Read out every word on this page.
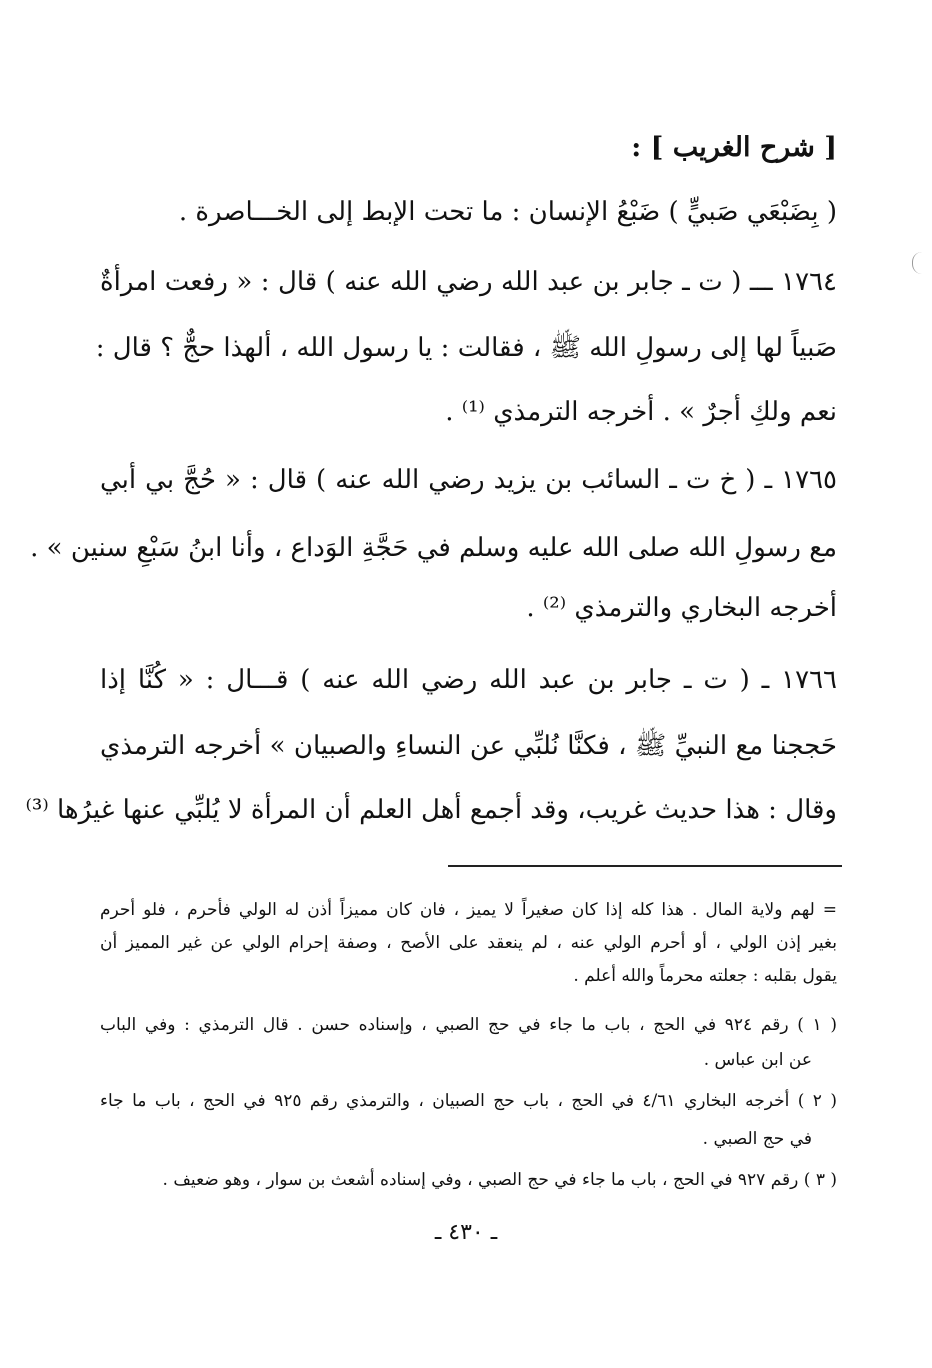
[ شرح الغريب ] :
( بِضَبْعَي صَبيٍّ ) ضَبْعُ الإنسان : ما تحت الإبط إلى الخـــاصرة .
١٧٦٤ ـــ ( ت ـ جابر بن عبد الله رضي الله عنه ) قال : « رفعت امرأةٌ
صَبياً لها إلى رسولِ الله ﷺ ، فقالت : يا رسول الله ، ألهذا حجٌّ ؟ قال :
نعم ولكِ أجرٌ » . أخرجه الترمذي ⁽¹⁾ .
١٧٦٥ ـ ( خ ت ـ السائب بن يزيد رضي الله عنه ) قال : « حُجَّ بي أبي
مع رسولِ الله صلى الله عليه وسلم في حَجَّةِ الوَداع ، وأنا ابنُ سَبْعِ سنين » .
أخرجه البخاري والترمذي ⁽²⁾ .
١٧٦٦ ـ ( ت ـ جابر بن عبد الله رضي الله عنه ) قـــال : « كُنَّا إذا
حَججنا مع النبيِّ ﷺ ، فكنَّا نُلبِّي عن النساءِ والصبيان » أخرجه الترمذي
وقال : هذا حديث غريب، وقد أجمع أهل العلم أن المرأة لا يُلبِّي عنها غيرُها ⁽³⁾
= لهم ولاية المال . هذا كله إذا كان صغيراً لا يميز ، فان كان مميزاً أذن له الولي فأحرم ، فلو أحرم
بغير إذن الولي ، أو أحرم الولي عنه ، لم ينعقد على الأصح ، وصفة إحرام الولي عن غير المميز أن
يقول بقلبه : جعلته محرماً والله أعلم .
( ١ ) رقم ٩٢٤ في الحج ، باب ما جاء في حج الصبي ، وإسناده حسن . قال الترمذي : وفي الباب
عن ابن عباس .
( ٢ ) أخرجه البخاري ٤/٦١ في الحج ، باب حج الصبيان ، والترمذي رقم ٩٢٥ في الحج ، باب ما جاء
في حج الصبي .
( ٣ ) رقم ٩٢٧ في الحج ، باب ما جاء في حج الصبي ، وفي إسناده أشعث بن سوار ، وهو ضعيف .
ـ ٤٣٠ ـ
